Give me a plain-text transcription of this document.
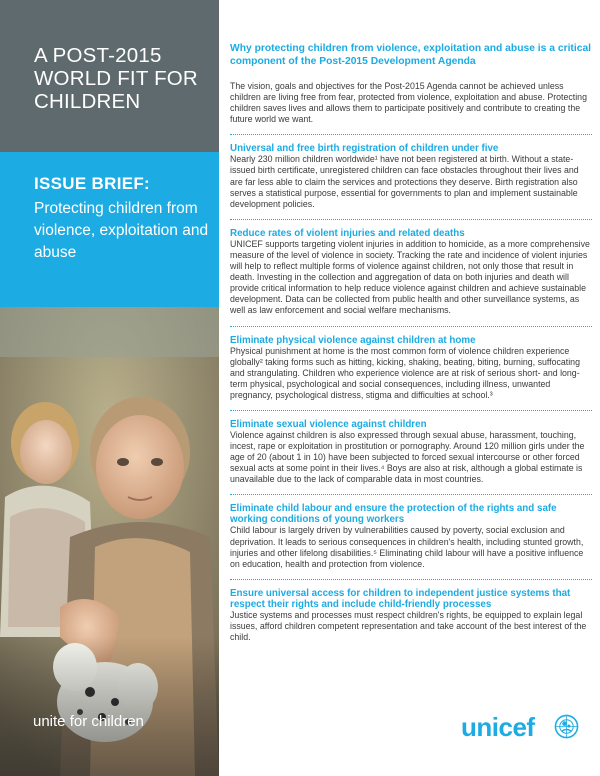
A POST-2015 WORLD FIT FOR CHILDREN
ISSUE BRIEF:
Protecting children from violence, exploitation and abuse
unite for children
Why protecting children from violence, exploitation and abuse is a critical component of the Post-2015 Development Agenda
The vision, goals and objectives for the Post-2015 Agenda cannot be achieved unless children are living free from fear, protected from violence, exploitation and abuse. Protecting children saves lives and allows them to participate positively and contribute to creating the future world we want.
Universal and free birth registration of children under five
Nearly 230 million children worldwide¹ have not been registered at birth. Without a state-issued birth certificate, unregistered children can face obstacles throughout their lives and are far less able to claim the services and protections they deserve. Birth registration also serves a statistical purpose, essential for governments to plan and implement sustainable development policies.
Reduce rates of violent injuries and related deaths
UNICEF supports targeting violent injuries in addition to homicide, as a more comprehensive measure of the level of violence in society. Tracking the rate and incidence of violent injuries will help to reflect multiple forms of violence against children, not only those that result in death. Investing in the collection and aggregation of data on both injuries and death will provide critical information to help reduce violence against children and achieve sustainable development. Data can be collected from public health and other surveillance systems, as well as law enforcement and social welfare mechanisms.
Eliminate physical violence against children at home
Physical punishment at home is the most common form of violence children experience globally² taking forms such as hitting, kicking, shaking, beating, biting, burning, suffocating and strangulating. Children who experience violence are at risk of serious short- and long-term physical, psychological and social consequences, including illness, unwanted pregnancy, psychological distress, stigma and difficulties at school.³
Eliminate sexual violence against children
Violence against children is also expressed through sexual abuse, harassment, touching, incest, rape or exploitation in prostitution or pornography. Around 120 million girls under the age of 20 (about 1 in 10) have been subjected to forced sexual intercourse or other forced sexual acts at some point in their lives.⁴ Boys are also at risk, although a global estimate is unavailable due to the lack of comparable data in most countries.
Eliminate child labour and ensure the protection of the rights and safe working conditions of young workers
Child labour is largely driven by vulnerabilities caused by poverty, social exclusion and deprivation. It leads to serious consequences in children's health, including stunted growth, injuries and other lifelong disabilities.⁵ Eliminating child labour will have a positive influence on education, health and protection from violence.
Ensure universal access for children to independent justice systems that respect their rights and include child-friendly processes
Justice systems and processes must respect children's rights, be equipped to explain legal issues, afford children competent representation and take account of the best interest of the child.
unicef
